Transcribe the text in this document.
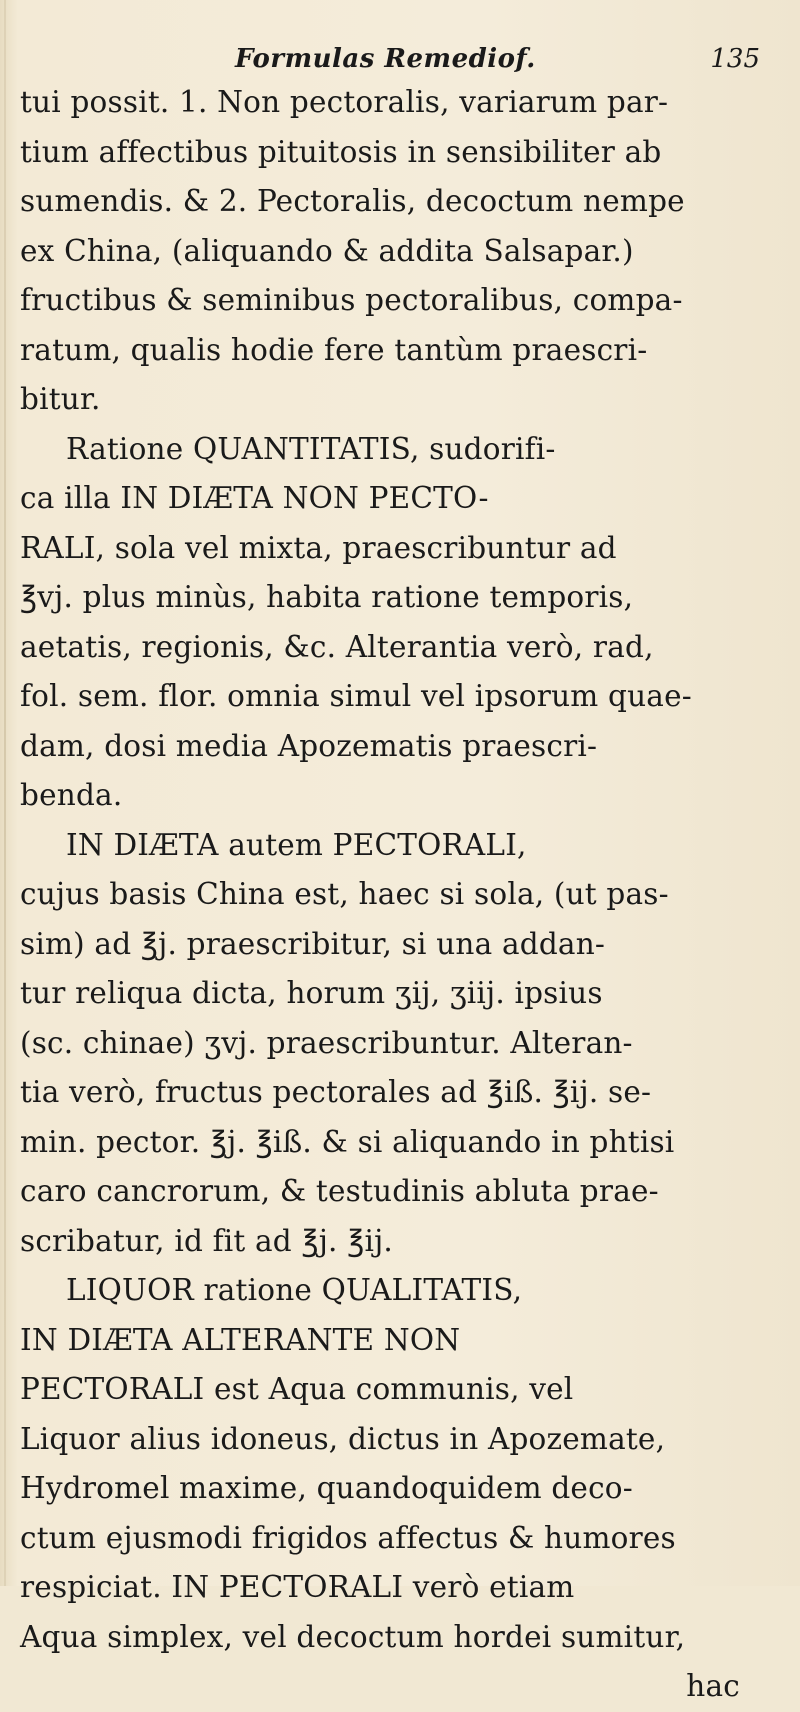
Formulas Remediof.	135
tui possit. 1. Non pectoralis, variarum par-
tium affectibus pituitosis in sensibiliter ab
sumendis. & 2. Pectoralis, decoctum nempe
ex China, (aliquando & addita Salsapar.)
fructibus & seminibus pectoralibus, compa-
ratum, qualis hodie fere tantùm praescri-
bitur.
Ratione QUANTITATIS, sudorifi-
ca illa IN DIÆTA NON PECTO-
RALI, sola vel mixta, praescribuntur ad
℥vj. plus minùs, habita ratione temporis,
aetatis, regionis, &c. Alterantia verò, rad,
fol. sem. flor. omnia simul vel ipsorum quae-
dam, dosi media Apozematis praescri-
benda.
IN DIÆTA autem PECTORALI,
cujus basis China est, haec si sola, (ut pas-
sim) ad ℥j. praescribitur, si una addan-
tur reliqua dicta, horum ʒij, ʒiij. ipsius
(sc. chinae) ʒvj. praescribuntur. Alteran-
tia verò, fructus pectorales ad ℥iß. ℥ij. se-
min. pector. ℥j. ℥iß. & si aliquando in phtisi
caro cancrorum, & testudinis abluta prae-
scribatur, id fit ad ℥j. ℥ij.
LIQUOR ratione QUALITATIS,
IN DIÆTA ALTERANTE NON
PECTORALI est Aqua communis, vel
Liquor alius idoneus, dictus in Apozemate,
Hydromel maxime, quandoquidem deco-
ctum ejusmodi frigidos affectus & humores
respiciat. IN PECTORALI verò etiam
Aqua simplex, vel decoctum hordei sumitur,
hac
